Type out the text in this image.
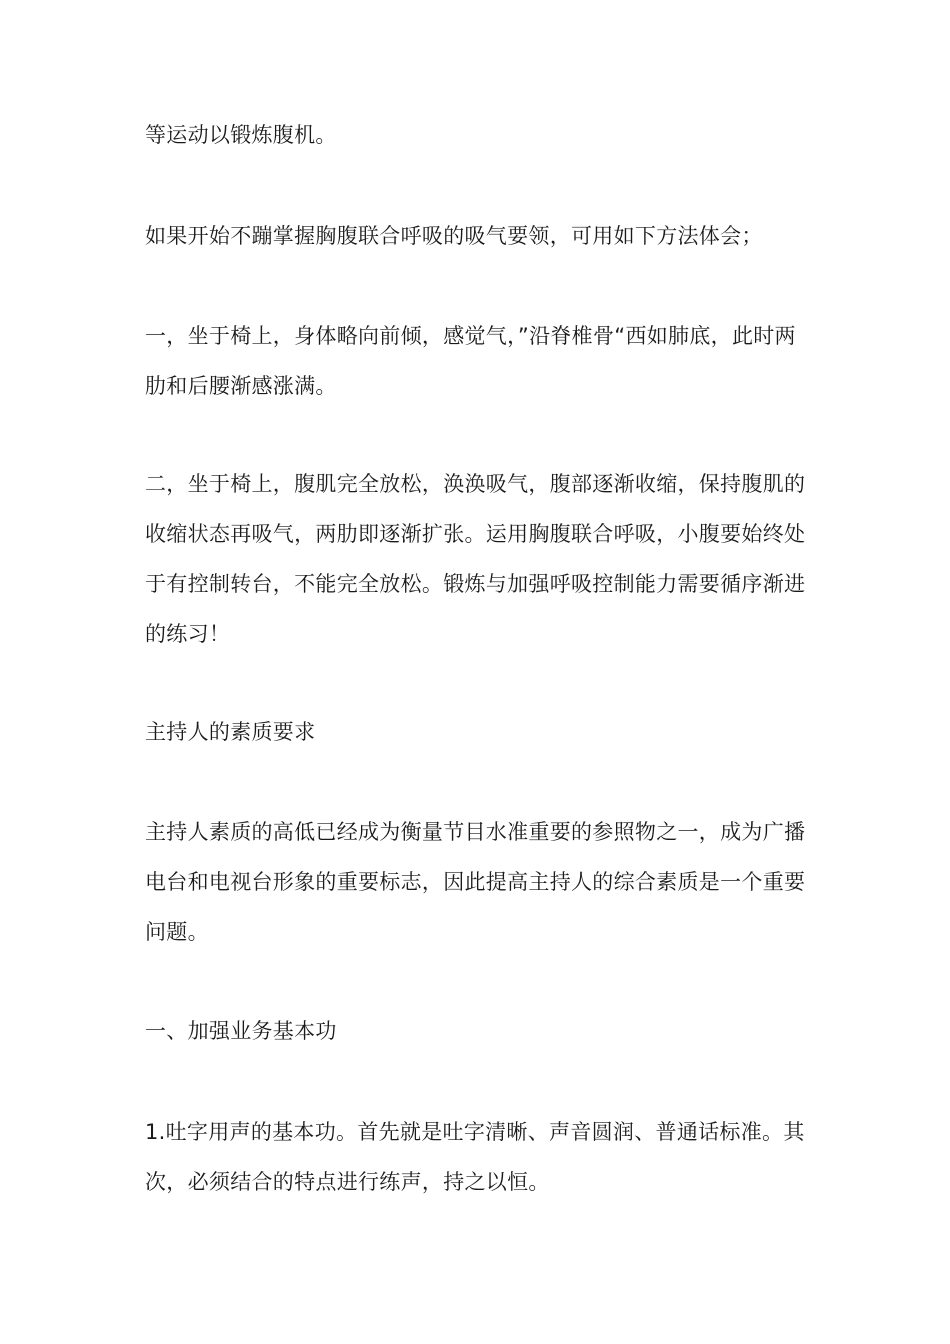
等运动以锻炼腹机。

如果开始不蹦掌握胸腹联合呼吸的吸气要领，可用如下方法体会；

一，坐于椅上，身体略向前倾，感觉气，”沿脊椎骨“西如肺底，此时两肋和后腰渐感涨满。

二，坐于椅上，腹肌完全放松，涣涣吸气，腹部逐渐收缩，保持腹肌的收缩状态再吸气，两肋即逐渐扩张。运用胸腹联合呼吸，小腹要始终处于有控制转台，不能完全放松。锻炼与加强呼吸控制能力需要循序渐进的练习！

主持人的素质要求

主持人素质的高低已经成为衡量节目水准重要的参照物之一，成为广播电台和电视台形象的重要标志，因此提高主持人的综合素质是一个重要问题。

一、加强业务基本功

1.吐字用声的基本功。首先就是吐字清晰、声音圆润、普通话标准。其次，必须结合的特点进行练声，持之以恒。
